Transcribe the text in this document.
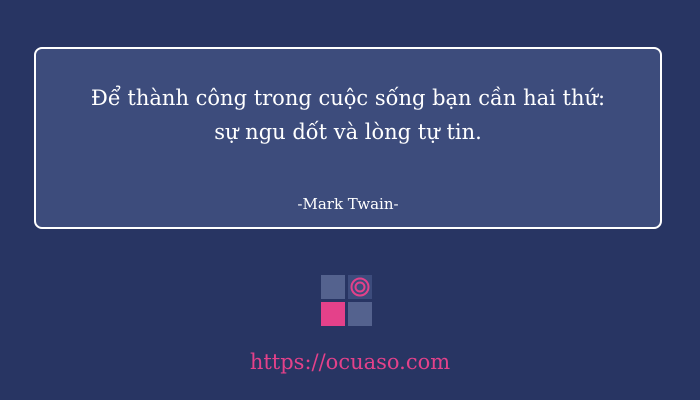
Để thành công trong cuộc sống bạn cần hai thứ:
sự ngu dốt và lòng tự tin.

-Mark Twain-
https://ocuaso.com
